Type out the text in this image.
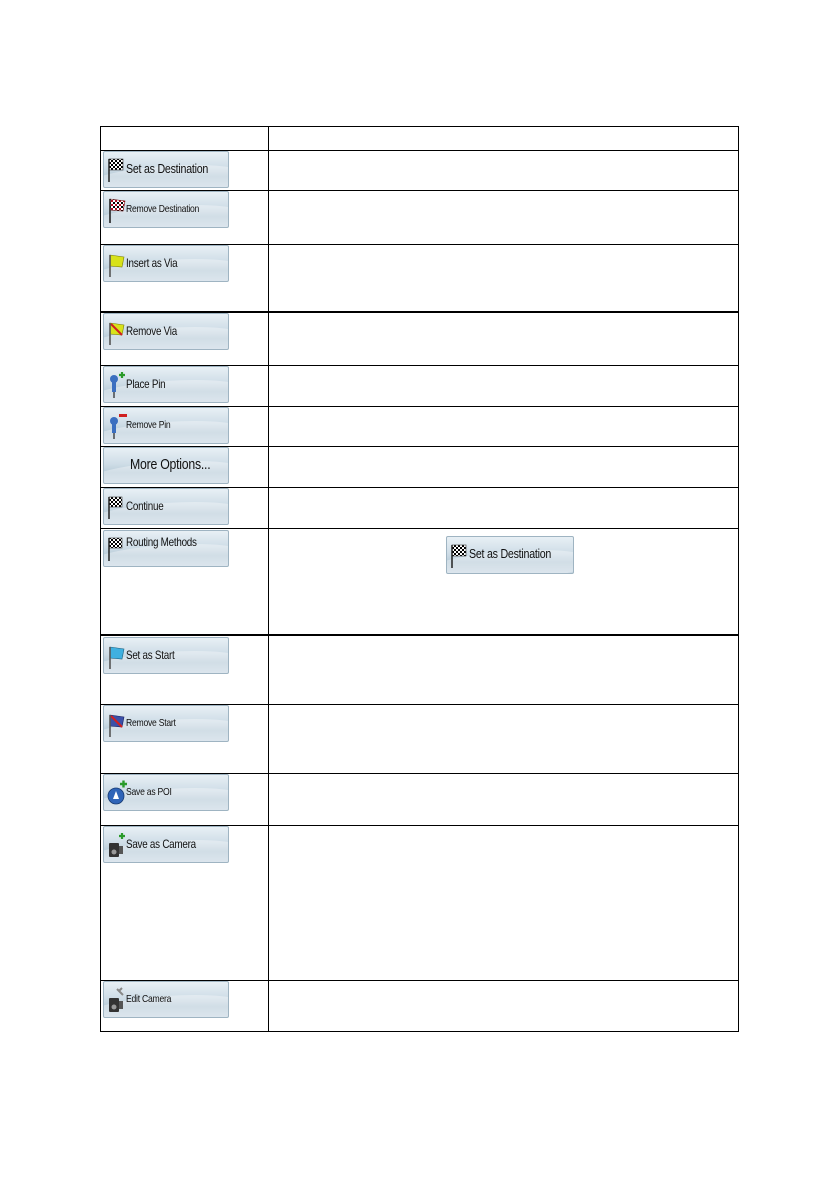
Set as Destination
Remove Destination
Insert as Via
Remove Via
Place Pin
Remove Pin
More Options...
Continue
Routing Methods
Set as Destination
Set as Start
Remove Start
Save as POI
Save as Camera
Edit Camera
